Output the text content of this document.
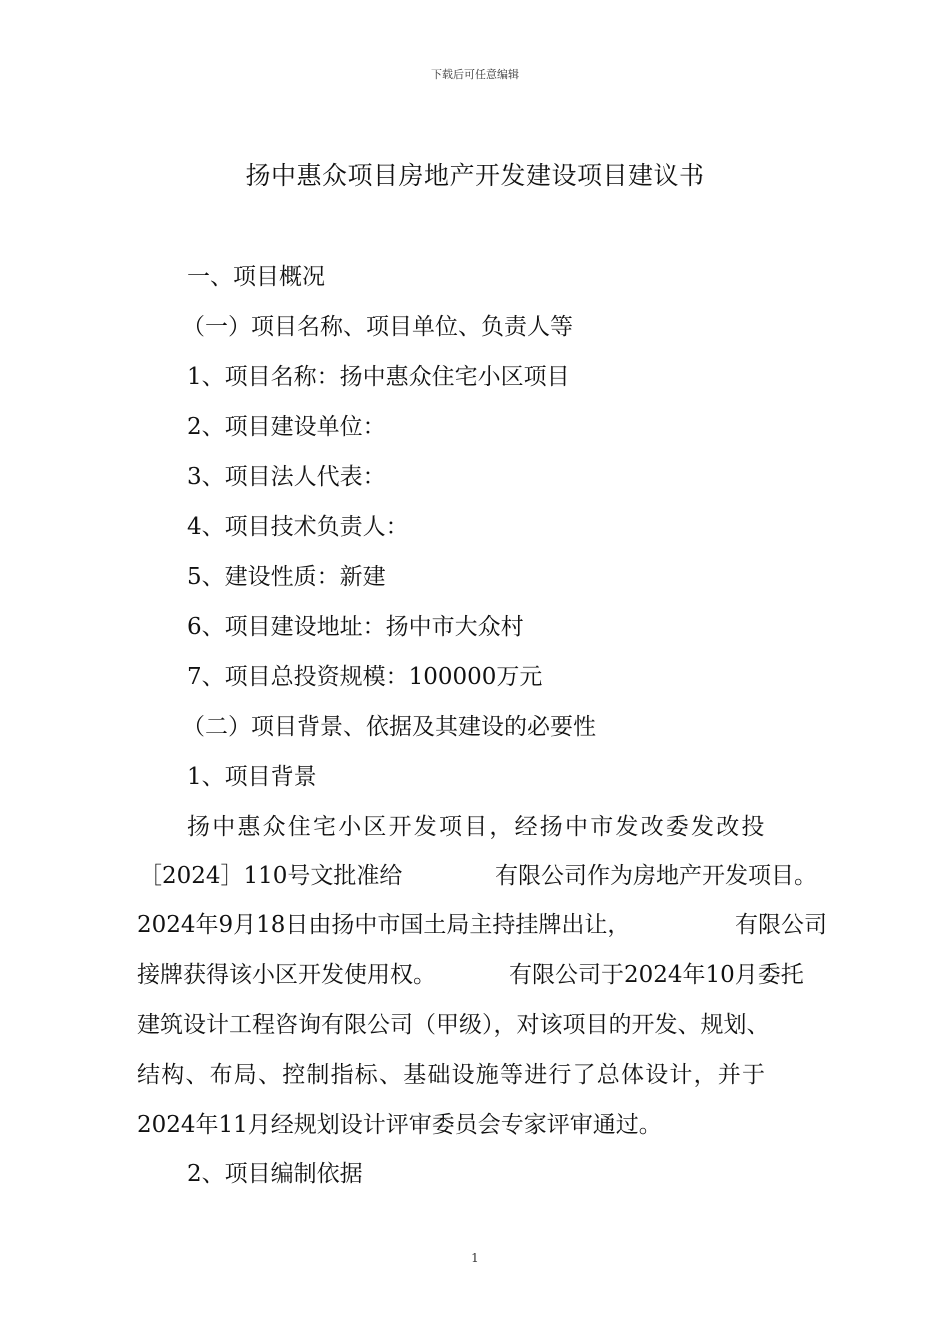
下载后可任意编辑
扬中惠众项目房地产开发建设项目建议书
一、项目概况
（一）项目名称、项目单位、负责人等
1、项目名称：扬中惠众住宅小区项目
2、项目建设单位：
3、项目法人代表：
4、项目技术负责人：
5、建设性质：新建
6、项目建设地址：扬中市大众村
7、项目总投资规模：100000万元
（二）项目背景、依据及其建设的必要性
1、项目背景
扬中惠众住宅小区开发项目，经扬中市发改委发改投
［2024］110号文批准给	有限公司作为房地产开发项目。
2024年9月18日由扬中市国土局主持挂牌出让，	有限公司
接牌获得该小区开发使用权。	有限公司于2024年10月委托
建筑设计工程咨询有限公司（甲级），对该项目的开发、规划、
结构、布局、控制指标、基础设施等进行了总体设计，并于
2024年11月经规划设计评审委员会专家评审通过。
2、项目编制依据
1
